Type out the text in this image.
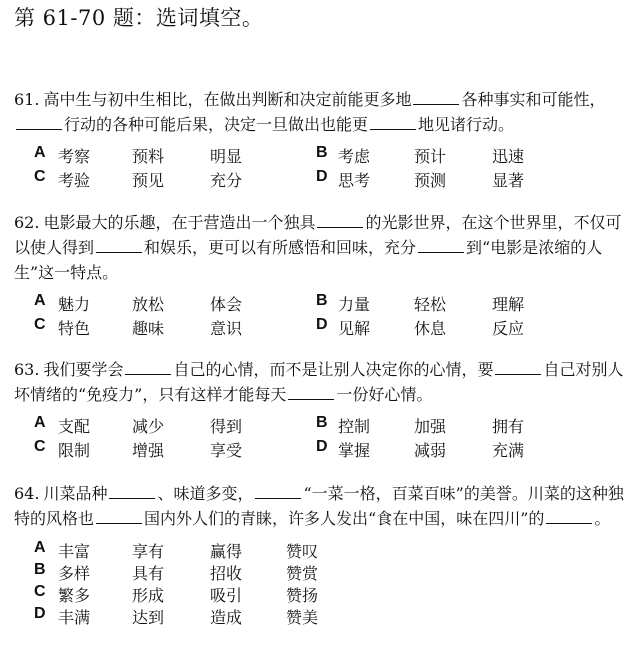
第 61-70 题：选词填空。
61. 高中生与初中生相比，在做出判断和决定前能更多地	各种事实和可能性，行动的各种可能后果，决定一旦做出也能更	地见诸行动。
A 考察	预料	明显	B 考虑	预计	迅速
C 考验	预见	充分	D 思考	预测	显著
62. 电影最大的乐趣，在于营造出一个独具	的光影世界，在这个世界里，不仅可以使人得到	和娱乐，更可以有所感悟和回味，充分	到“电影是浓缩的人生”这一特点。
A 魅力	放松	体会	B 力量	轻松	理解
C 特色	趣味	意识	D 见解	休息	反应
63. 我们要学会	自己的心情，而不是让别人决定你的心情，要	自己对别人坏情绪的“免疫力”，只有这样才能每天	一份好心情。
A 支配	减少	得到	B 控制	加强	拥有
C 限制	增强	享受	D 掌握	减弱	充满
64. 川菜品种	、味道多变，	“一菜一格，百菜百味”的美誉。川菜的这种独特的风格也	国内外人们的青睐，许多人发出“食在中国，味在四川”的	。
A 丰富	享有	赢得	赞叹
B 多样	具有	招收	赞赏
C 繁多	形成	吸引	赞扬
D 丰满	达到	造成	赞美
